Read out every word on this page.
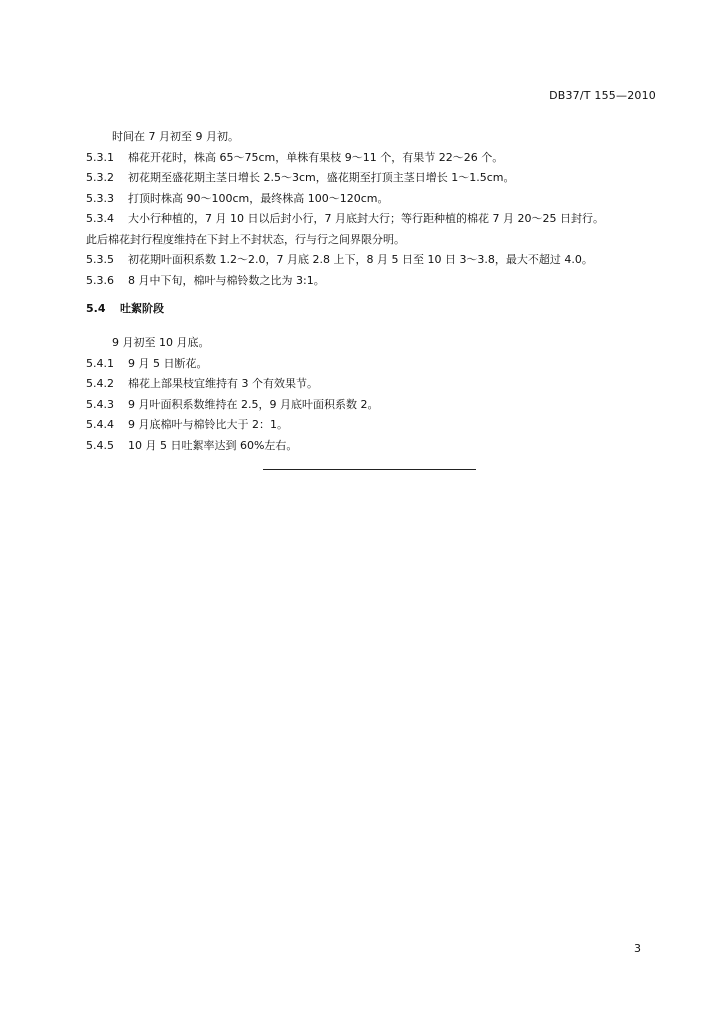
DB37/T 155—2010
时间在 7 月初至 9 月初。
5.3.1 棉花开花时，株高 65～75cm，单株有果枝 9～11 个，有果节 22～26 个。
5.3.2 初花期至盛花期主茎日增长 2.5～3cm，盛花期至打顶主茎日增长 1～1.5cm。
5.3.3 打顶时株高 90～100cm，最终株高 100～120cm。
5.3.4 大小行种植的，7 月 10 日以后封小行，7 月底封大行；等行距种植的棉花 7 月 20～25 日封行。
此后棉花封行程度维持在下封上不封状态，行与行之间界限分明。
5.3.5 初花期叶面积系数 1.2～2.0，7 月底 2.8 上下，8 月 5 日至 10 日 3～3.8，最大不超过 4.0。
5.3.6 8 月中下旬，棉叶与棉铃数之比为 3:1。
5.4 吐絮阶段
9 月初至 10 月底。
5.4.1 9 月 5 日断花。
5.4.2 棉花上部果枝宜维持有 3 个有效果节。
5.4.3 9 月叶面积系数维持在 2.5，9 月底叶面积系数 2。
5.4.4 9 月底棉叶与棉铃比大于 2：1。
5.4.5 10 月 5 日吐絮率达到 60%左右。
3
